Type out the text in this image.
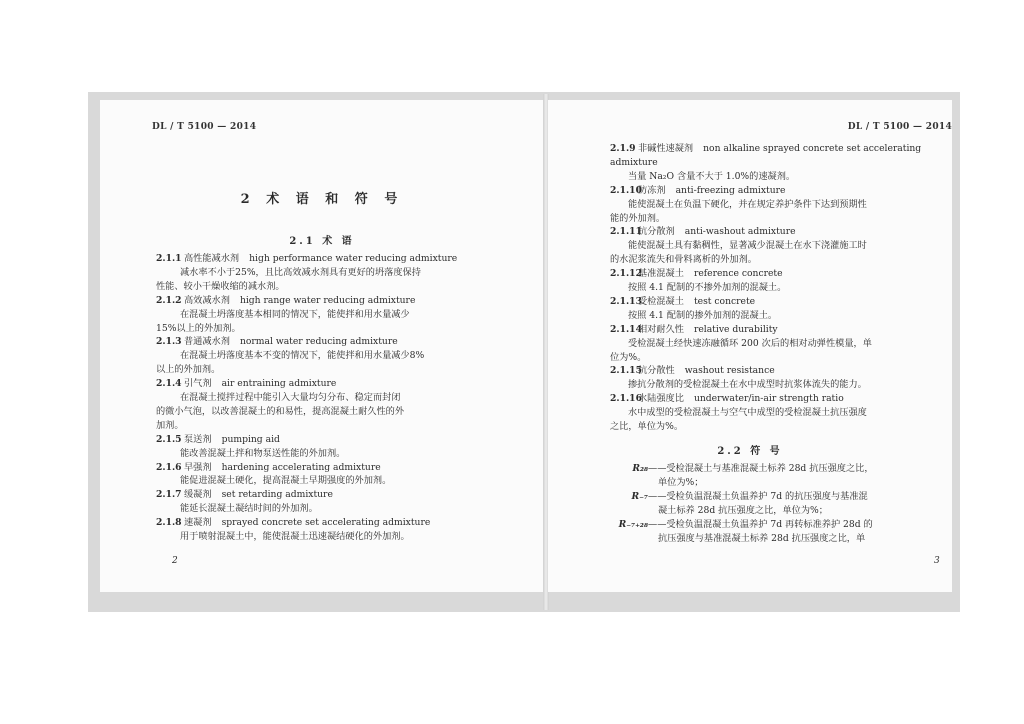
DL / T 5100 — 2014
2 术 语 和 符 号
2.1 术 语
2.1.1 高性能减水剂 high performance water reducing admixture
减水率不小于25%，且比高效减水剂具有更好的坍落度保持
性能、较小干燥收缩的减水剂。
2.1.2 高效减水剂 high range water reducing admixture
在混凝土坍落度基本相同的情况下，能使拌和用水量减少
15%以上的外加剂。
2.1.3 普通减水剂 normal water reducing admixture
在混凝土坍落度基本不变的情况下，能使拌和用水量减少8%
以上的外加剂。
2.1.4 引气剂 air entraining admixture
在混凝土搅拌过程中能引入大量均匀分布、稳定而封闭
的微小气泡，以改善混凝土的和易性，提高混凝土耐久性的外
加剂。
2.1.5 泵送剂 pumping aid
能改善混凝土拌和物泵送性能的外加剂。
2.1.6 早强剂 hardening accelerating admixture
能促进混凝土硬化，提高混凝土早期强度的外加剂。
2.1.7 缓凝剂 set retarding admixture
能延长混凝土凝结时间的外加剂。
2.1.8 速凝剂 sprayed concrete set accelerating admixture
用于喷射混凝土中，能使混凝土迅速凝结硬化的外加剂。
2
DL / T 5100 — 2014
2.1.9 非碱性速凝剂 non alkaline sprayed concrete set accelerating
admixture
当量 Na₂O 含量不大于 1.0%的速凝剂。
2.1.10防冻剂 anti-freezing admixture
能使混凝土在负温下硬化，并在规定养护条件下达到预期性
能的外加剂。
2.1.11抗分散剂 anti-washout admixture
能使混凝土具有黏稠性，显著减少混凝土在水下浇灌施工时
的水泥浆流失和骨料离析的外加剂。
2.1.12基准混凝土 reference concrete
按照 4.1 配制的不掺外加剂的混凝土。
2.1.13受检混凝土 test concrete
按照 4.1 配制的掺外加剂的混凝土。
2.1.14相对耐久性 relative durability
受检混凝土经快速冻融循环 200 次后的相对动弹性模量，单
位为%。
2.1.15抗分散性 washout resistance
掺抗分散剂的受检混凝土在水中成型时抗浆体流失的能力。
2.1.16水陆强度比 underwater/in-air strength ratio
水中成型的受检混凝土与空气中成型的受检混凝土抗压强度
之比，单位为%。
2.2 符 号
R₂₈——受检混凝土与基准混凝土标养 28d 抗压强度之比，
单位为%；
R₋₇——受检负温混凝土负温养护 7d 的抗压强度与基准混
凝土标养 28d 抗压强度之比，单位为%；
R₋₇₊₂₈——受检负温混凝土负温养护 7d 再转标准养护 28d 的
抗压强度与基准混凝土标养 28d 抗压强度之比，单
3
